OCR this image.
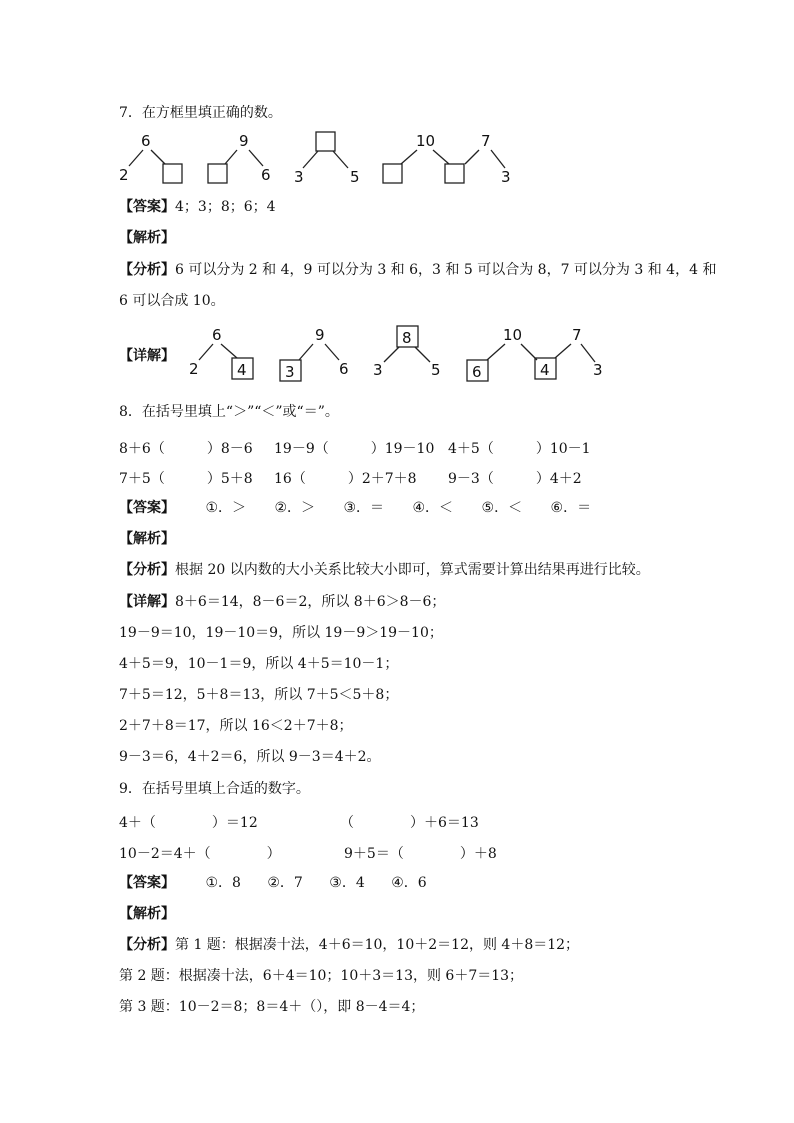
7．在方框里填正确的数。
6
2
9
6 3	5
10	7
3
【答案】4；3；8；6；4
【解析】
【分析】6 可以分为 2 和 4，9 可以分为 3 和 6，3 和 5 可以合为 8，7 可以分为 3 和 4，4 和
6 可以合成 10。
【详解】
6
2	4
9
3	6
8
3	5
10
6	4
7
3
8．在括号里填上“＞”“＜”或“＝”。
8＋6（　　　）8－6 19－9（　　　）19－10 4＋5（　　　）10－1
7＋5（　　　）5＋8 16（　　　）2＋7＋8 9－3（　　　）4＋2
【答案】 ①．＞ ②．＞ ③．＝ ④．＜ ⑤．＜ ⑥．＝
【解析】
【分析】根据 20 以内数的大小关系比较大小即可，算式需要计算出结果再进行比较。
【详解】8＋6＝14，8－6＝2，所以 8＋6＞8－6；
19－9＝10，19－10＝9，所以 19－9＞19－10；
4＋5＝9，10－1＝9，所以 4＋5＝10－1；
7＋5＝12，5＋8＝13，所以 7＋5＜5＋8；
2＋7＋8＝17，所以 16＜2＋7＋8；
9－3＝6，4＋2＝6，所以 9－3＝4＋2。
9．在括号里填上合适的数字。
4＋（　　　　）＝12	（　　　　）＋6＝13
10－2＝4＋（　　　　）	9＋5＝（　　　　）＋8
【答案】 ①．8 ②．7 ③．4 ④．6
【解析】
【分析】第 1 题：根据凑十法，4＋6＝10，10＋2＝12，则 4＋8＝12；
第 2 题：根据凑十法，6＋4＝10；10＋3＝13，则 6＋7＝13；
第 3 题：10－2＝8；8＝4＋（），即 8－4＝4；
